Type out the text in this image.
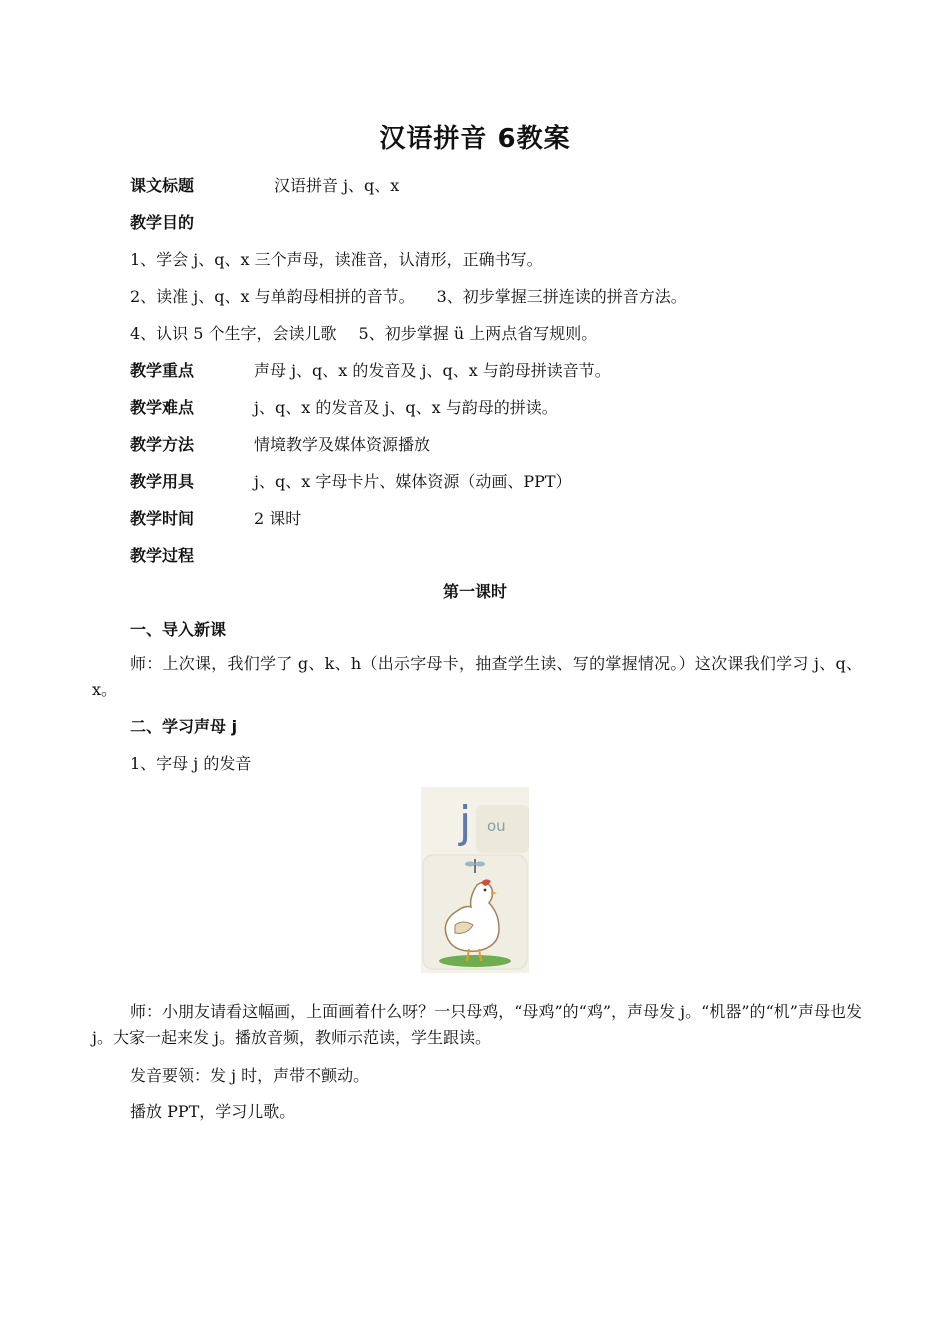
汉语拼音 6教案
课文标题	汉语拼音 j、q、x
教学目的
1、学会 j、q、x 三个声母，读准音，认清形，正确书写。
2、读准 j、q、x 与单韵母相拼的音节。 3、初步掌握三拼连读的拼音方法。
4、认识 5 个生字，会读儿歌 5、初步掌握 ü 上两点省写规则。
教学重点	声母 j、q、x 的发音及 j、q、x 与韵母拼读音节。
教学难点	j、q、x 的发音及 j、q、x 与韵母的拼读。
教学方法	情境教学及媒体资源播放
教学用具	j、q、x 字母卡片、媒体资源（动画、PPT）
教学时间	2 课时
教学过程
第一课时
一、导入新课
师：上次课，我们学了 g、k、h（出示字母卡，抽查学生读、写的掌握情况。）这次课我们学习 j、q、x。
二、学习声母 j
1、字母 j 的发音
j ou
师：小朋友请看这幅画，上面画着什么呀？一只母鸡，“母鸡”的“鸡”，声母发 j。“机器”的“机”声母也发 j。大家一起来发 j。播放音频，教师示范读，学生跟读。
发音要领：发 j 时，声带不颤动。
播放 PPT，学习儿歌。
